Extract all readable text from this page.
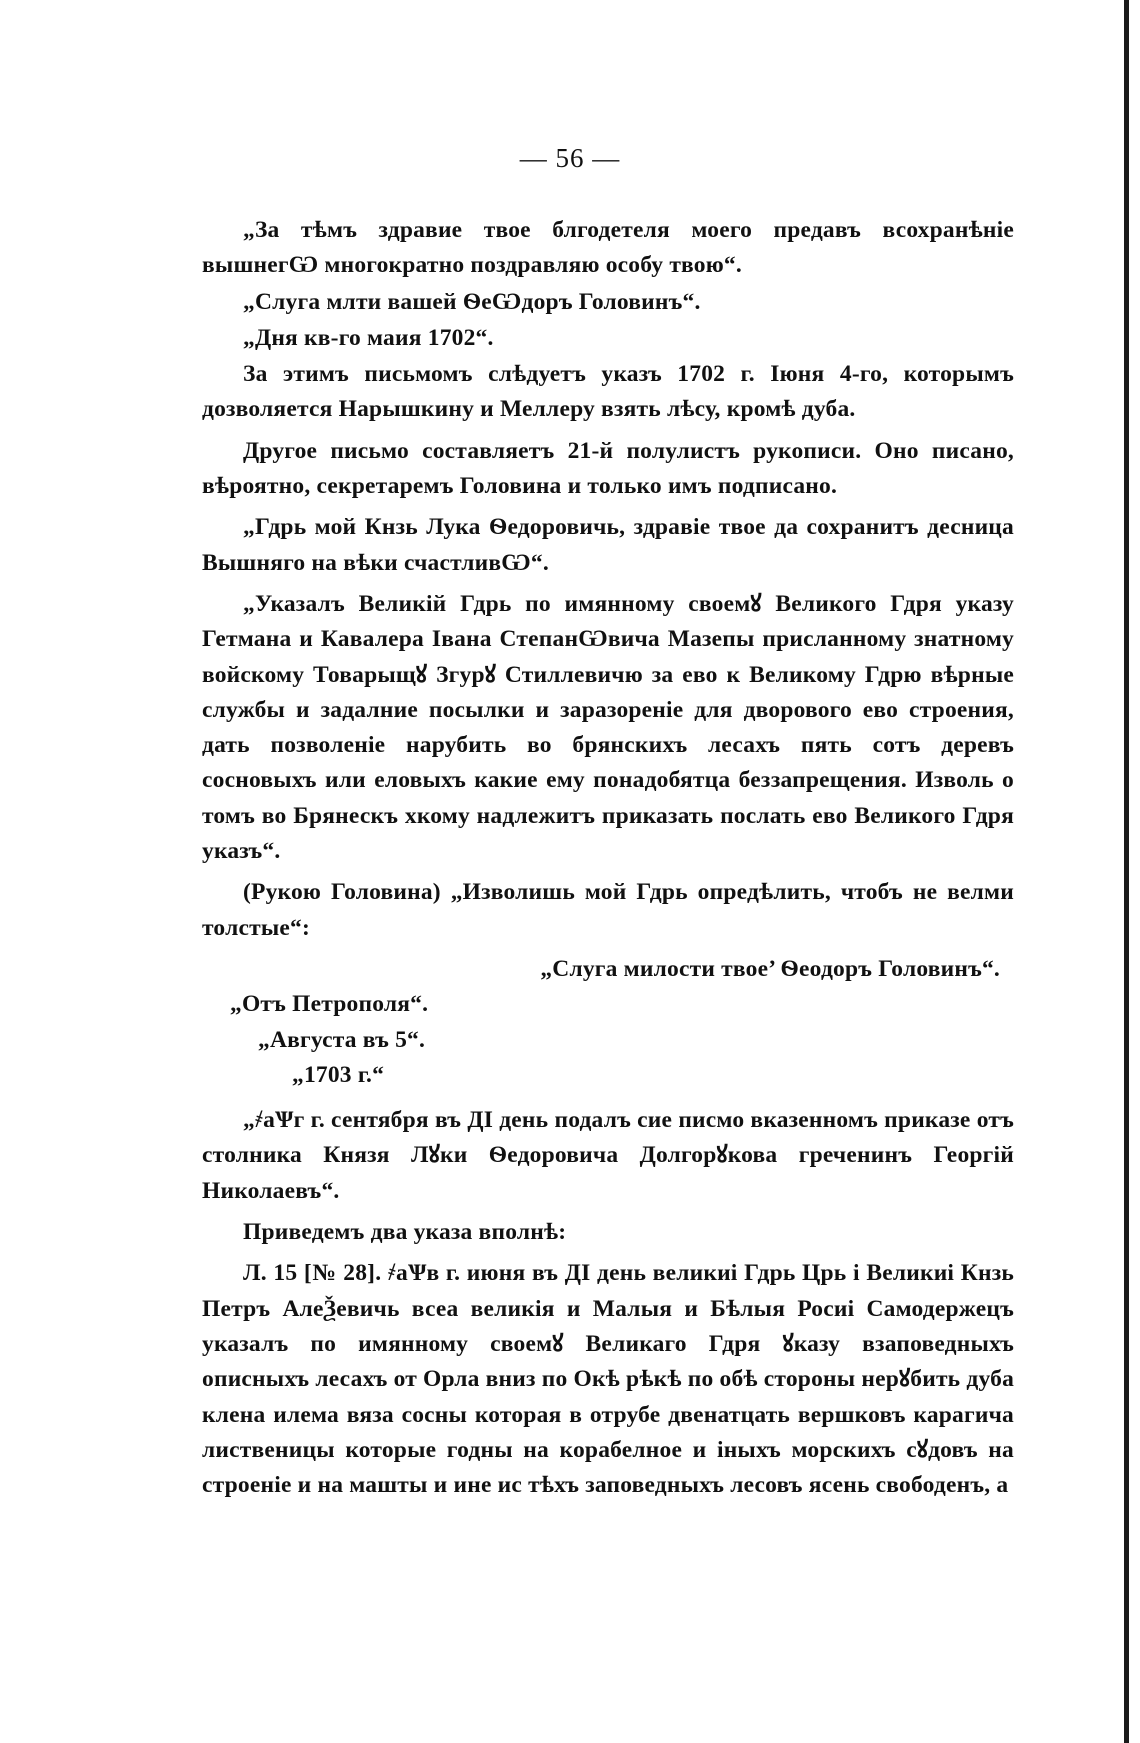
— 56 —

„За тѣмъ здравие твое блгодетеля моего предавъ всохранѣніе вышнегѠ многократно поздравляю особу твою“.

„Слуга млти вашей ѲеѠдоръ Головинъ“.

„Дня кв-го маия 1702“.

За этимъ письмомъ слѣдуетъ указъ 1702 г. Іюня 4-го, которымъ дозволяется Нарышкину и Меллеру взять лѣсу, кромѣ дуба.

Другое письмо составляетъ 21-й полулистъ рукописи. Оно писано, вѣроятно, секретаремъ Головина и только имъ подписано.

„Гдрь мой Кнзь Лука Ѳедоровичь, здравіе твое да сохранитъ десница Вышняго на вѣки счастливѠ“.

„Указалъ Великій Гдрь по имянному своемꙋ Великого Гдря указу Гетмана и Кавалера Івана СтепанѠвича Мазепы присланному знатному войскому Товарыщꙋ Згурꙋ Стиллевичю за ево к Великому Гдрю вѣрные службы и задалние посылки и заразореніе для дворового ево строения, дать позволеніе нарубить во брянскихъ лесахъ пять сотъ деревъ сосновыхъ или еловыхъ какие ему понадобятца беззапрещения. Изволь о томъ во Брянескъ хкому надлежитъ приказать послать ево Великого Гдря указъ“.

(Рукою Головина) „Изволишь мой Гдрь опредѣлить, чтобъ не велми толстые“:

„Слуга милости твое’ Ѳеодоръ Головинъ“.

„Отъ Петрополя“.

„Августа въ 5“.

„1703 г.“

„҂аѰг г. сентября въ ДІ день подалъ сие писмо вказенномъ приказе отъ столника Князя Лꙋки Ѳедоровича Долгорꙋкова греченинъ Георгій Николаевъ“.

Приведемъ два указа вполнѣ:

Л. 15 [№ 28]. ҂аѰв г. июня въ ДІ день великиі Гдрь Црь і Великиі Кнзь Петръ АлеѮевичь всеа великія и Малыя и Бѣлыя Росиі Самодержецъ указалъ по имянному своемꙋ Великаго Гдря ꙋказу взаповедныхъ описныхъ лесахъ от Орла вниз по Окѣ рѣкѣ по обѣ стороны нерꙋбить дуба клена илема вяза сосны которая в отрубе двенатцать вершковъ карагича лиственицы которые годны на корабелное и іныхъ морскихъ сꙋдовъ на строеніе и на машты и ине ис тѣхъ заповедныхъ лесовъ ясень свободенъ, а
